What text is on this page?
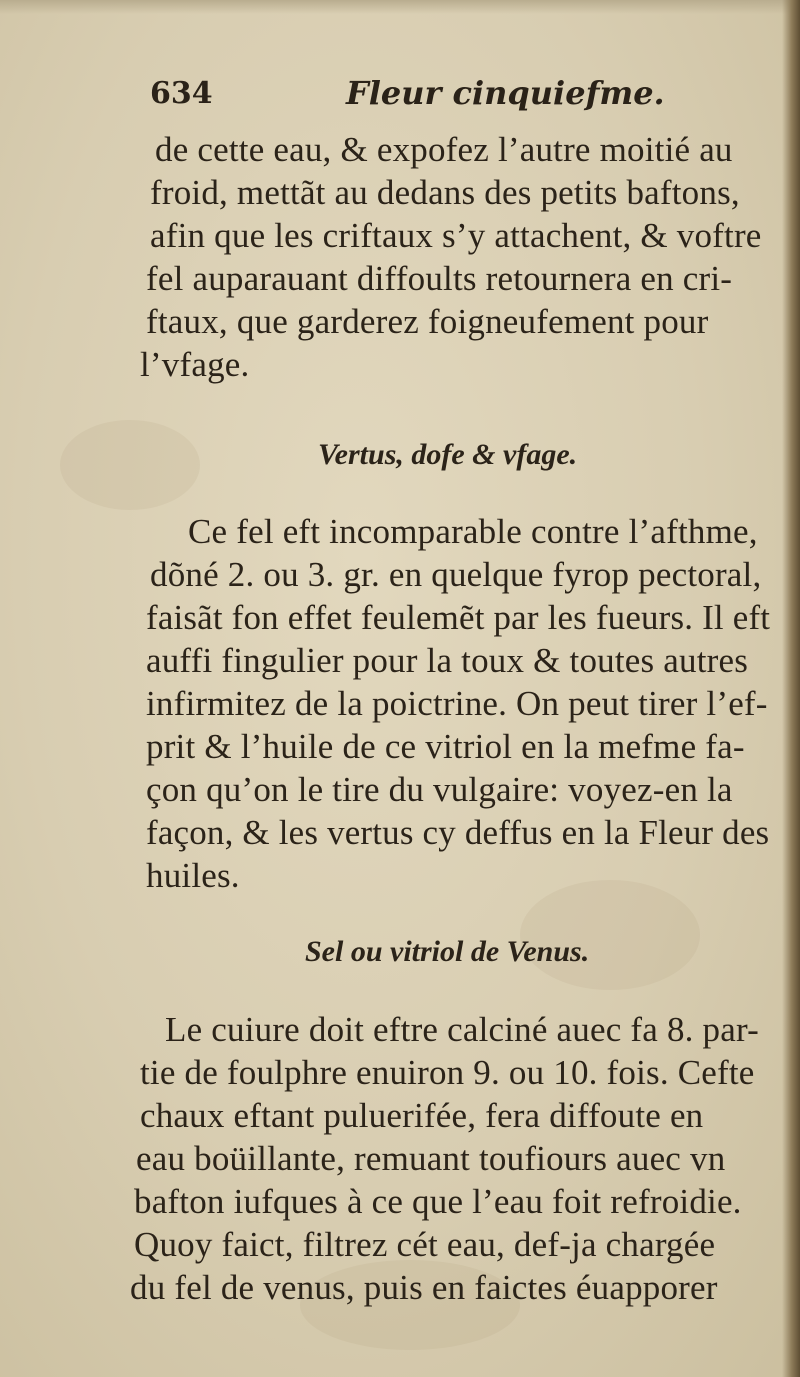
634	Fleur cinquiefme.
de cette eau, & expofez l’autre moitié au
froid, mettãt au dedans des petits baftons,
afin que les criftaux s’y attachent, & voftre
fel auparauant diffoults retournera en cri-
ftaux, que garderez foigneufement pour
l’vfage.
Vertus, dofe & vfage.
Ce fel eft incomparable contre l’afthme,
dõné 2. ou 3. gr. en quelque fyrop pectoral,
faisãt fon effet feulemẽt par les fueurs. Il eft
auffi fingulier pour la toux & toutes autres
infirmitez de la poictrine. On peut tirer l’ef-
prit & l’huile de ce vitriol en la mefme fa-
çon qu’on le tire du vulgaire: voyez-en la
façon, & les vertus cy deffus en la Fleur des
huiles.
Sel ou vitriol de Venus.
Le cuiure doit eftre calciné auec fa 8. par-
tie de foulphre enuiron 9. ou 10. fois. Cefte
chaux eftant puluerifée, fera diffoute en
eau boüillante, remuant toufiours auec vn
bafton iufques à ce que l’eau foit refroidie.
Quoy faict, filtrez cét eau, def-ja chargée
du fel de venus, puis en faictes éuapporer
